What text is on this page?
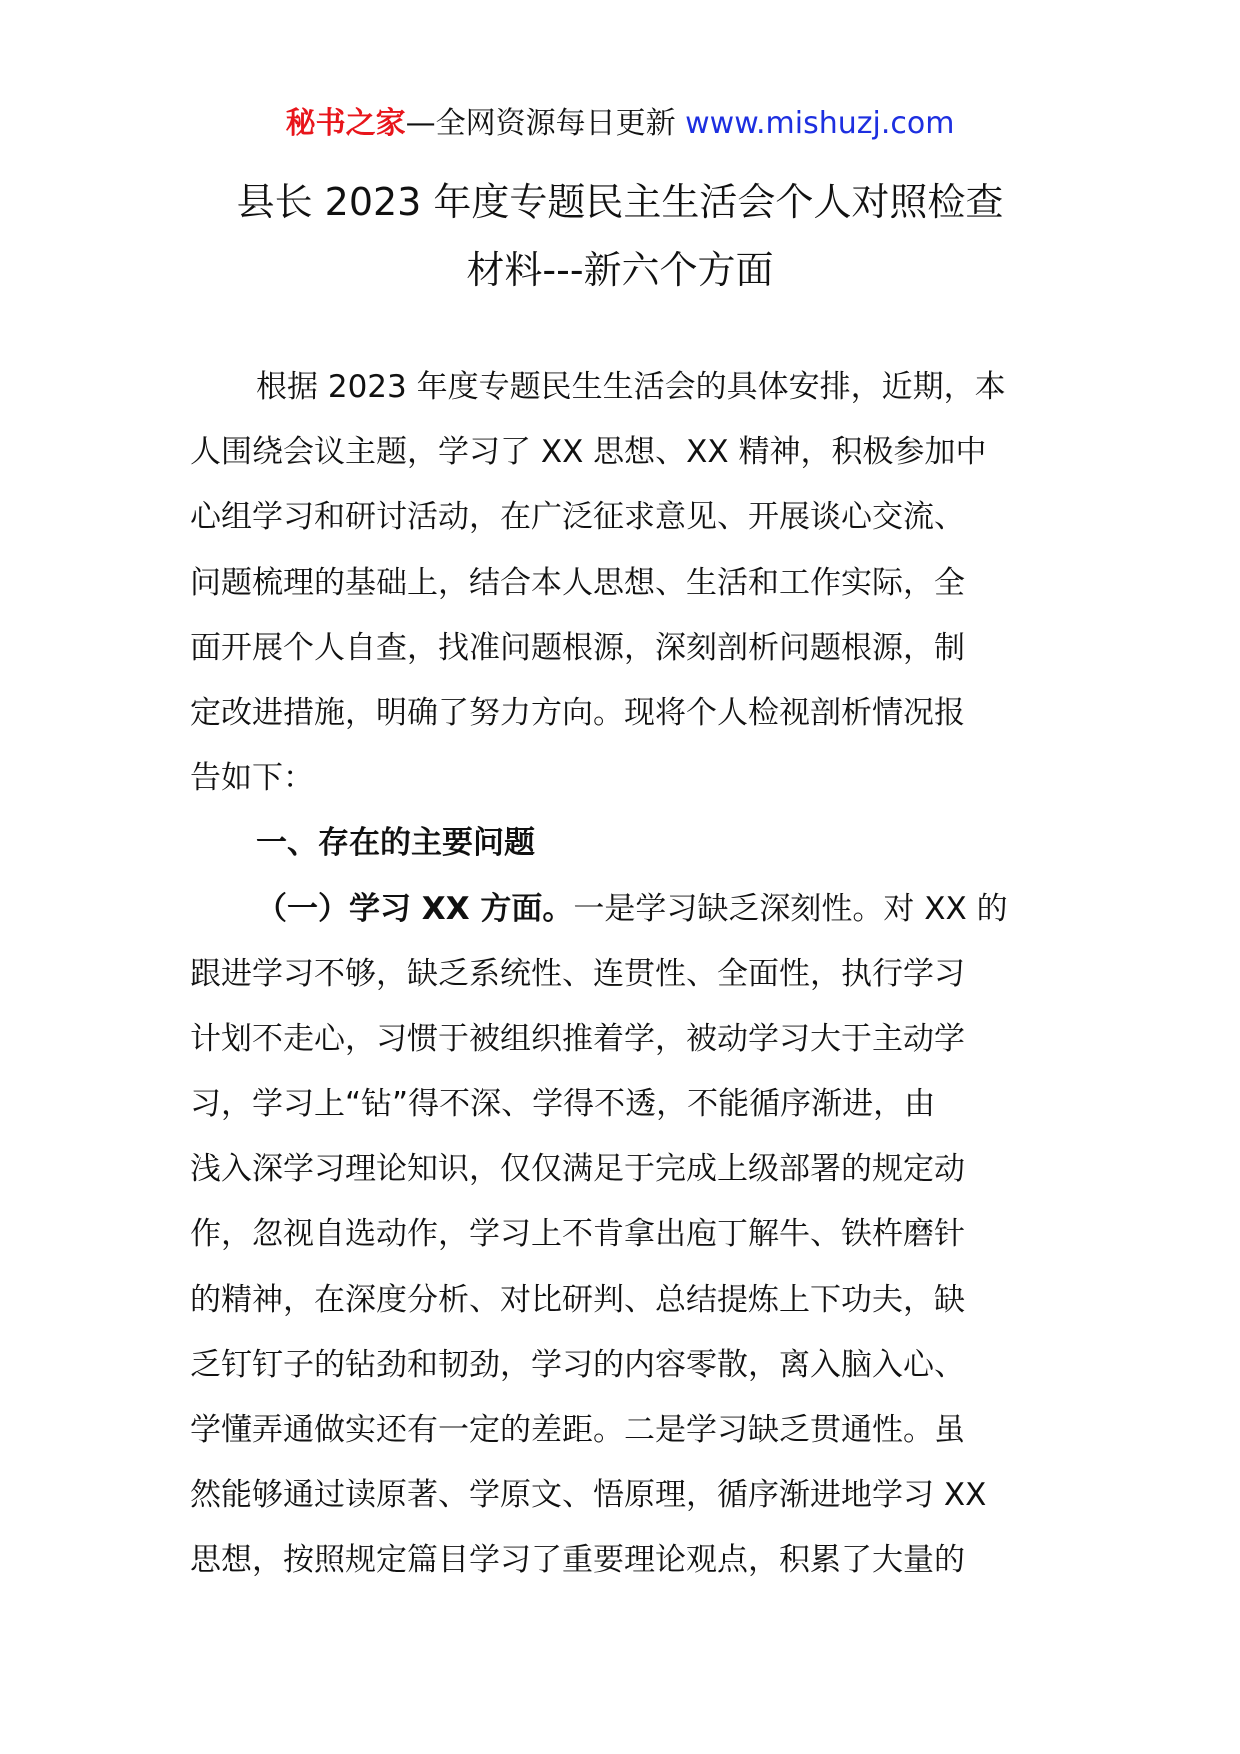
秘书之家—全网资源每日更新 www.mishuzj.com
县长 2023 年度专题民主生活会个人对照检查
材料---新六个方面
根据 2023 年度专题民生生活会的具体安排，近期，本
人围绕会议主题，学习了 XX 思想、XX 精神，积极参加中
心组学习和研讨活动，在广泛征求意见、开展谈心交流、
问题梳理的基础上，结合本人思想、生活和工作实际，全
面开展个人自查，找准问题根源，深刻剖析问题根源，制
定改进措施，明确了努力方向。现将个人检视剖析情况报
告如下：
一、存在的主要问题
（一）学习 XX 方面。一是学习缺乏深刻性。对 XX 的
跟进学习不够，缺乏系统性、连贯性、全面性，执行学习
计划不走心，习惯于被组织推着学，被动学习大于主动学
习，学习上“钻”得不深、学得不透，不能循序渐进，由
浅入深学习理论知识，仅仅满足于完成上级部署的规定动
作，忽视自选动作，学习上不肯拿出庖丁解牛、铁杵磨针
的精神，在深度分析、对比研判、总结提炼上下功夫，缺
乏钉钉子的钻劲和韧劲，学习的内容零散，离入脑入心、
学懂弄通做实还有一定的差距。二是学习缺乏贯通性。虽
然能够通过读原著、学原文、悟原理，循序渐进地学习 XX
思想，按照规定篇目学习了重要理论观点，积累了大量的
